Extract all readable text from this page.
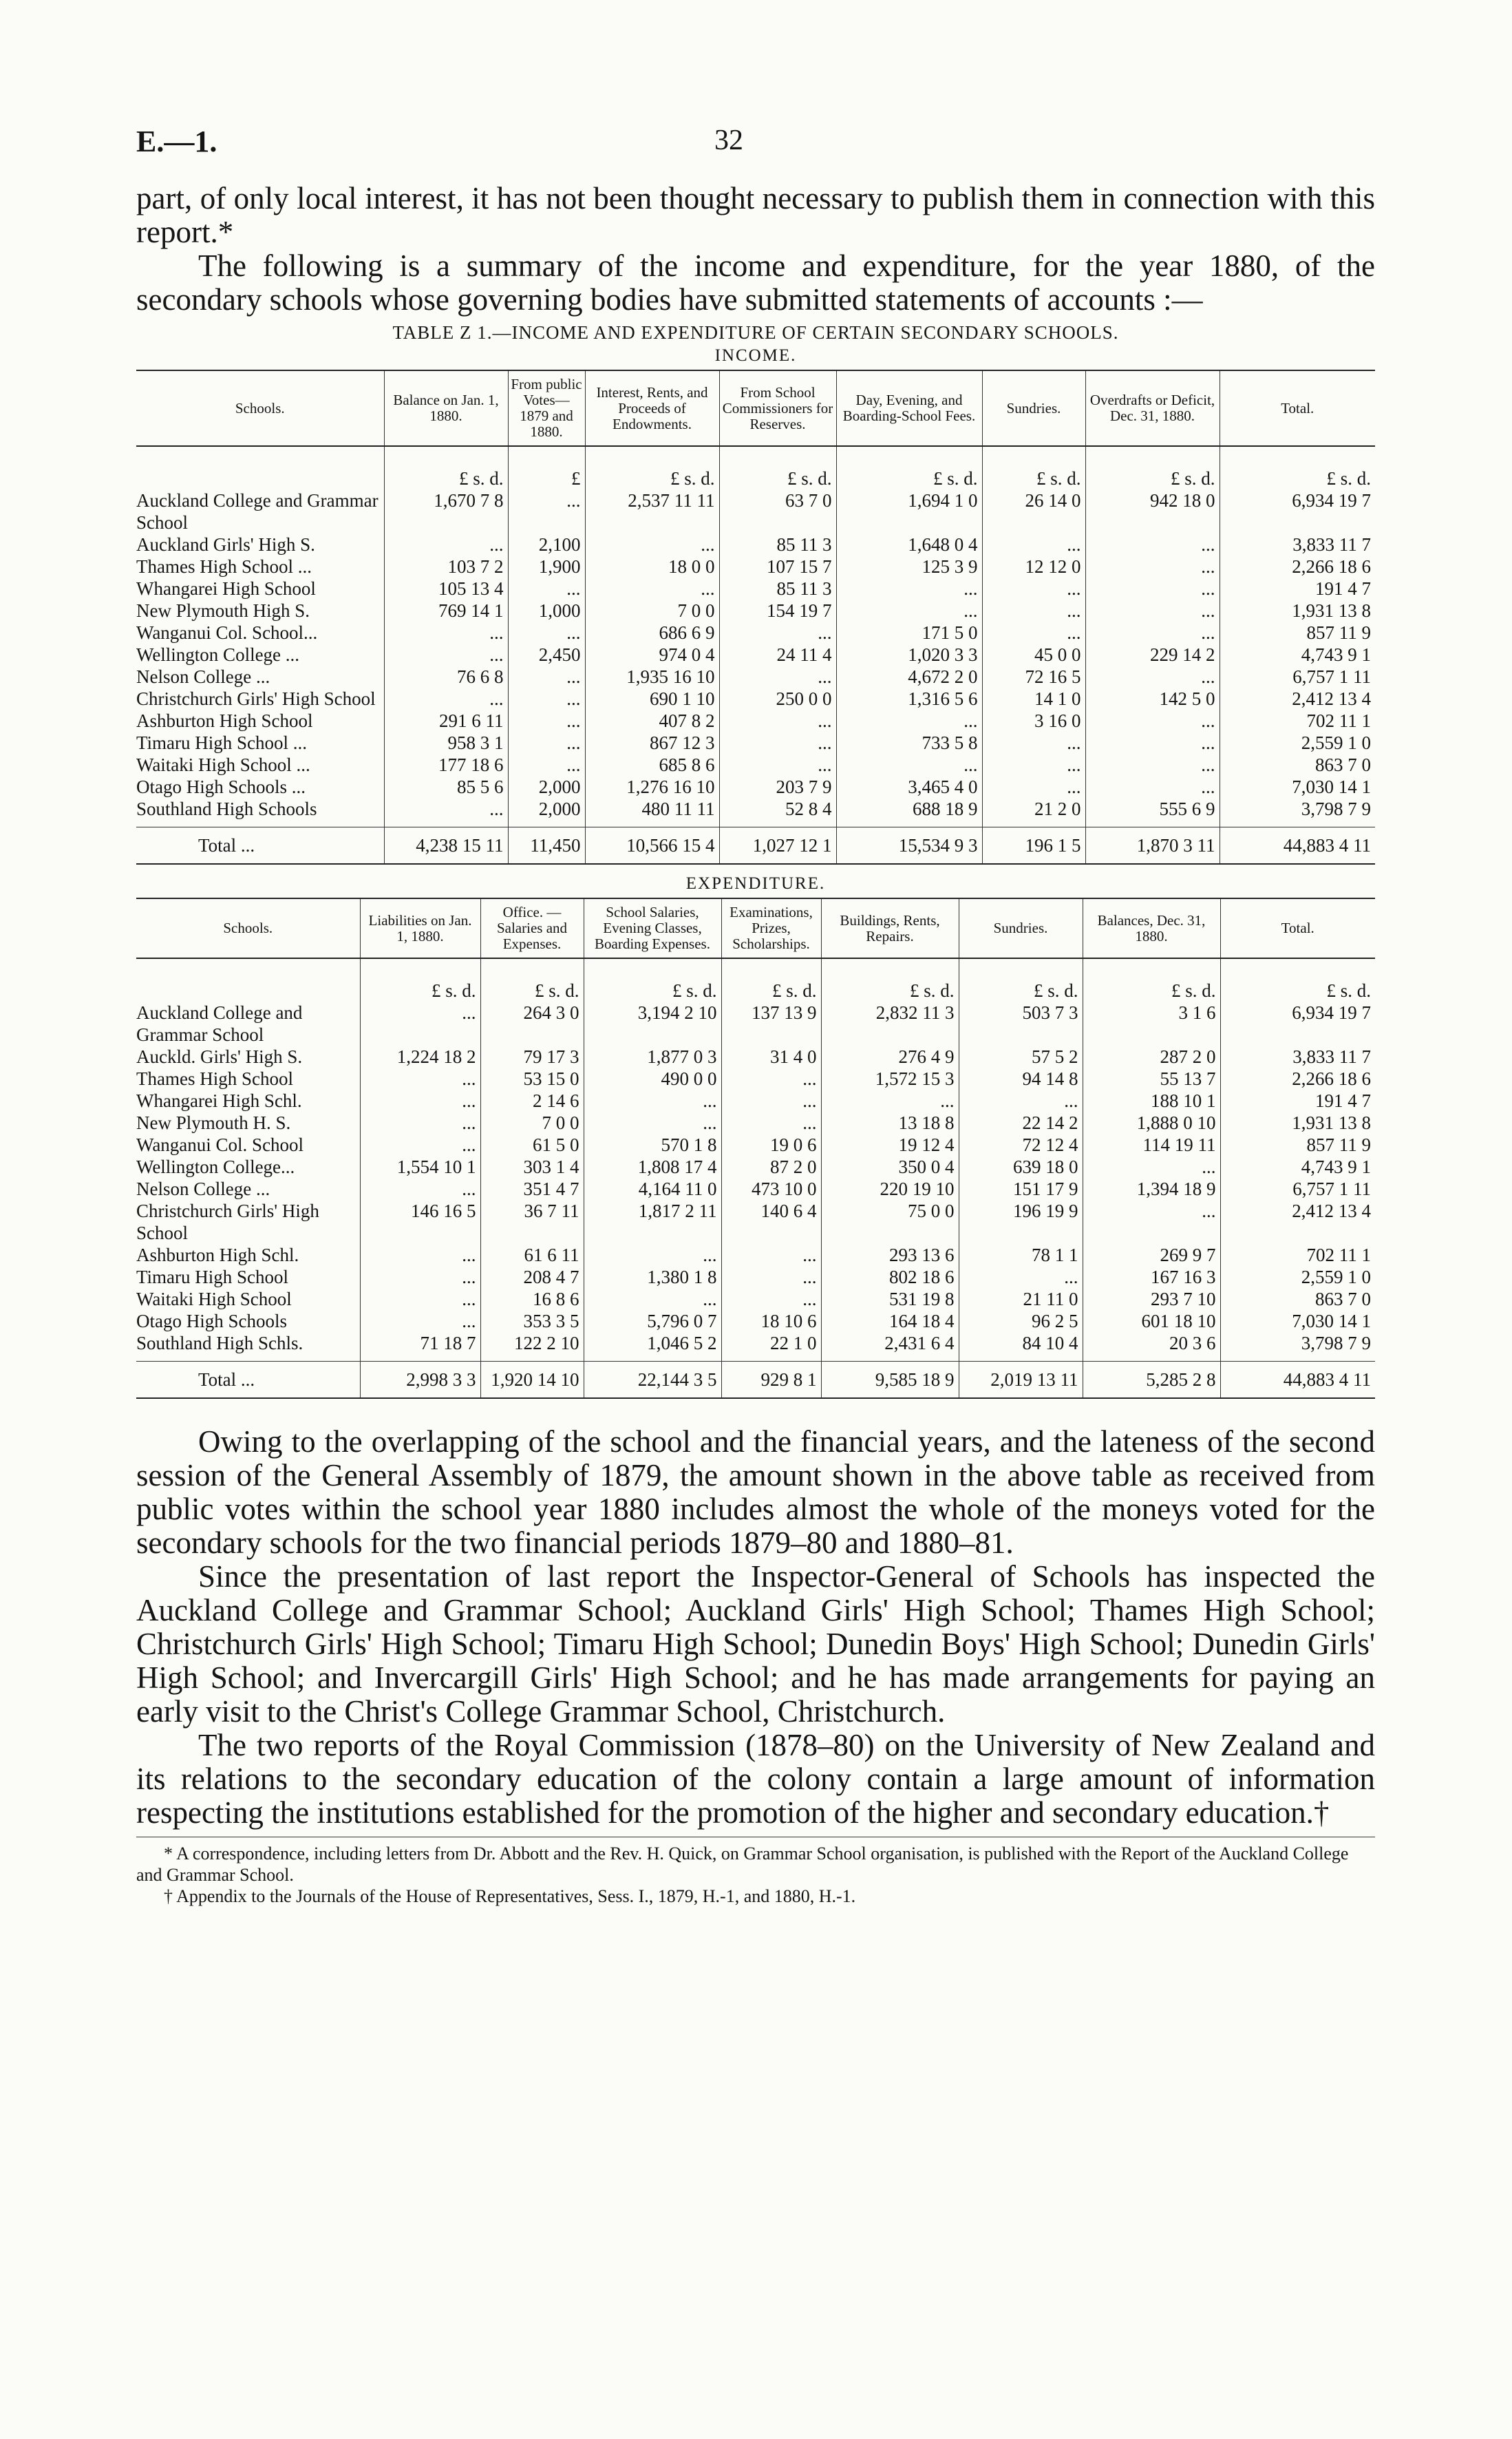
E.—1.	32

part, of only local interest, it has not been thought necessary to publish them in connection with this report.*

The following is a summary of the income and expenditure, for the year 1880, of the secondary schools whose governing bodies have submitted statements of accounts :—

TABLE Z 1.—INCOME AND EXPENDITURE OF CERTAIN SECONDARY SCHOOLS.
INCOME.
Schools.	Balance on Jan. 1, 1880.	From public Votes—1879 and 1880.	Interest, Rents, and Proceeds of Endowments.	From School Commissioners for Reserves.	Day, Evening, and Boarding-School Fees.	Sundries.	Overdrafts or Deficit, Dec. 31, 1880.	Total.
	£ s. d.	£	£ s. d.	£ s. d.	£ s. d.	£ s. d.	£ s. d.	£ s. d.
Auckland College and Grammar School	1,670 7 8	...	2,537 11 11	63 7 0	1,694 1 0	26 14 0	942 18 0	6,934 19 7
Auckland Girls' High S.	...	2,100	...	85 11 3	1,648 0 4	...	...	3,833 11 7
Thames High School ...	103 7 2	1,900	18 0 0	107 15 7	125 3 9	12 12 0	...	2,266 18 6
Whangarei High School	105 13 4	...	...	85 11 3	...	...	...	191 4 7
New Plymouth High S.	769 14 1	1,000	7 0 0	154 19 7	...	...	...	1,931 13 8
Wanganui Col. School...	...	...	686 6 9	...	171 5 0	...	...	857 11 9
Wellington College ...	...	2,450	974 0 4	24 11 4	1,020 3 3	45 0 0	229 14 2	4,743 9 1
Nelson College ...	76 6 8	...	1,935 16 10	...	4,672 2 0	72 16 5	...	6,757 1 11
Christchurch Girls' High School	...	...	690 1 10	250 0 0	1,316 5 6	14 1 0	142 5 0	2,412 13 4
Ashburton High School	291 6 11	...	407 8 2	...	...	3 16 0	...	702 11 1
Timaru High School ...	958 3 1	...	867 12 3	...	733 5 8	...	...	2,559 1 0
Waitaki High School ...	177 18 6	...	685 8 6	...	...	...	...	863 7 0
Otago High Schools ...	85 5 6	2,000	1,276 16 10	203 7 9	3,465 4 0	...	...	7,030 14 1
Southland High Schools	...	2,000	480 11 11	52 8 4	688 18 9	21 2 0	555 6 9	3,798 7 9

Total ...	4,238 15 11	11,450	10,566 15 4	1,027 12 1	15,534 9 3	196 1 5	1,870 3 11	44,883 4 11
EXPENDITURE.
Schools.	Liabilities on Jan. 1, 1880.	Office. — Salaries and Expenses.	School Salaries, Evening Classes, Boarding Expenses.	Examinations, Prizes, Scholarships.	Buildings, Rents, Repairs.	Sundries.	Balances, Dec. 31, 1880.	Total.
	£ s. d.	£ s. d.	£ s. d.	£ s. d.	£ s. d.	£ s. d.	£ s. d.	£ s. d.
Auckland College and Grammar School	...	264 3 0	3,194 2 10	137 13 9	2,832 11 3	503 7 3	3 1 6	6,934 19 7
Auckld. Girls' High S.	1,224 18 2	79 17 3	1,877 0 3	31 4 0	276 4 9	57 5 2	287 2 0	3,833 11 7
Thames High School	...	53 15 0	490 0 0	...	1,572 15 3	94 14 8	55 13 7	2,266 18 6
Whangarei High Schl.	...	2 14 6	...	...	...	...	188 10 1	191 4 7
New Plymouth H. S.	...	7 0 0	...	...	13 18 8	22 14 2	1,888 0 10	1,931 13 8
Wanganui Col. School	...	61 5 0	570 1 8	19 0 6	19 12 4	72 12 4	114 19 11	857 11 9
Wellington College...	1,554 10 1	303 1 4	1,808 17 4	87 2 0	350 0 4	639 18 0	...	4,743 9 1
Nelson College ...	...	351 4 7	4,164 11 0	473 10 0	220 19 10	151 17 9	1,394 18 9	6,757 1 11
Christchurch Girls' High School	146 16 5	36 7 11	1,817 2 11	140 6 4	75 0 0	196 19 9	...	2,412 13 4
Ashburton High Schl.	...	61 6 11	...	...	293 13 6	78 1 1	269 9 7	702 11 1
Timaru High School	...	208 4 7	1,380 1 8	...	802 18 6	...	167 16 3	2,559 1 0
Waitaki High School	...	16 8 6	...	...	531 19 8	21 11 0	293 7 10	863 7 0
Otago High Schools	...	353 3 5	5,796 0 7	18 10 6	164 18 4	96 2 5	601 18 10	7,030 14 1
Southland High Schls.	71 18 7	122 2 10	1,046 5 2	22 1 0	2,431 6 4	84 10 4	20 3 6	3,798 7 9

Total ...	2,998 3 3	1,920 14 10	22,144 3 5	929 8 1	9,585 18 9	2,019 13 11	5,285 2 8	44,883 4 11

Owing to the overlapping of the school and the financial years, and the lateness of the second session of the General Assembly of 1879, the amount shown in the above table as received from public votes within the school year 1880 includes almost the whole of the moneys voted for the secondary schools for the two financial periods 1879–80 and 1880–81.

Since the presentation of last report the Inspector-General of Schools has inspected the Auckland College and Grammar School; Auckland Girls' High School; Thames High School; Christchurch Girls' High School; Timaru High School; Dunedin Boys' High School; Dunedin Girls' High School; and Invercargill Girls' High School; and he has made arrangements for paying an early visit to the Christ's College Grammar School, Christchurch.

The two reports of the Royal Commission (1878–80) on the University of New Zealand and its relations to the secondary education of the colony contain a large amount of information respecting the institutions established for the promotion of the higher and secondary education.†

* A correspondence, including letters from Dr. Abbott and the Rev. H. Quick, on Grammar School organisation, is published with the Report of the Auckland College and Grammar School.

† Appendix to the Journals of the House of Representatives, Sess. I., 1879, H.-1, and 1880, H.-1.
